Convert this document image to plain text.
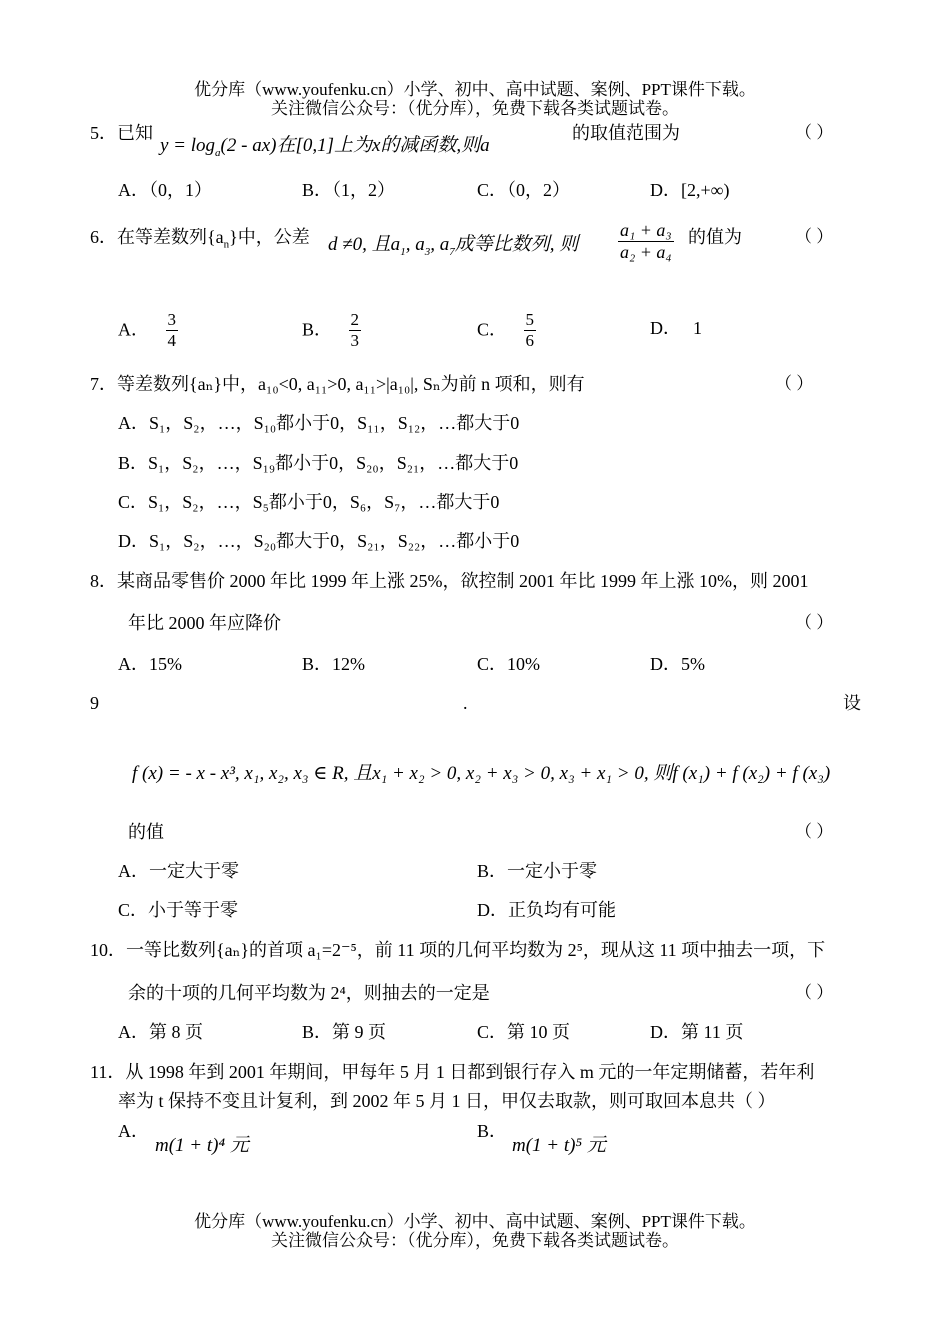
优分库（www.youfenku.cn）小学、初中、高中试题、案例、PPT课件下载。
关注微信公众号：（优分库），免费下载各类试题试卷。
5．已知
$y = \log_a(2 - ax)$在[0,1]上为x的减函数,则a
的取值范围为	（ ）
A．（0，1）	B．（1，2）	C．（0，2）	D．[2,+∞)
6．在等差数列$\{a_n\}$中，公差 d ≠0, 且$a_1$, $a_3$, $a_7$成等比数列, 则 $\frac{\text{a₁ + a₃}}{\text{a₂ + a₄}}$ 的值为	（ ）
A． $\frac{3}{4}$	B． $\frac{2}{3}$	C． $\frac{5}{6}$	D． 1
7．等差数列{aₙ}中，a₁₀<0, a₁₁>0, a₁₁>|a₁₀|, Sₙ为前 n 项和，则有	（ ）
A．S₁，S₂，…，S₁₀都小于0，S₁₁，S₁₂，…都大于0
B．S₁，S₂，…，S₁₉都小于0，S₂₀，S₂₁，…都大于0
C．S₁，S₂，…，S₅都小于0，S₆，S₇，…都大于0
D．S₁，S₂，…，S₂₀都大于0，S₂₁，S₂₂，…都小于0
8．某商品零售价 2000 年比 1999 年上涨 25%，欲控制 2001 年比 1999 年上涨 10%，则 2001
年比 2000 年应降价	（ ）
A．15%	B．12%	C．10%	D．5%
9	.	设
f (x) = - x - x³, x₁, x₂, x₃ ∈ R, 且x₁ + x₂ > 0, x₂ + x₃ > 0, x₃ + x₁ > 0, 则f (x₁) + f (x₂) + f (x₃)
的值	（ ）
A．一定大于零	B．一定小于零
C．小于等于零	D．正负均有可能
10．一等比数列{aₙ}的首项 a₁=2⁻⁵，前 11 项的几何平均数为 2⁵，现从这 11 项中抽去一项，下
余的十项的几何平均数为 2⁴，则抽去的一定是	（ ）
A．第 8 页	B．第 9 页	C．第 10 页	D．第 11 页
11．从 1998 年到 2001 年期间，甲每年 5 月 1 日都到银行存入 m 元的一年定期储蓄，若年利
率为 t 保持不变且计复利，到 2002 年 5 月 1 日，甲仅去取款，则可取回本息共（ ）
A．
m(1 + t)⁴ 元
B．
m(1 + t)⁵ 元
优分库（www.youfenku.cn）小学、初中、高中试题、案例、PPT课件下载。
关注微信公众号：（优分库），免费下载各类试题试卷。
